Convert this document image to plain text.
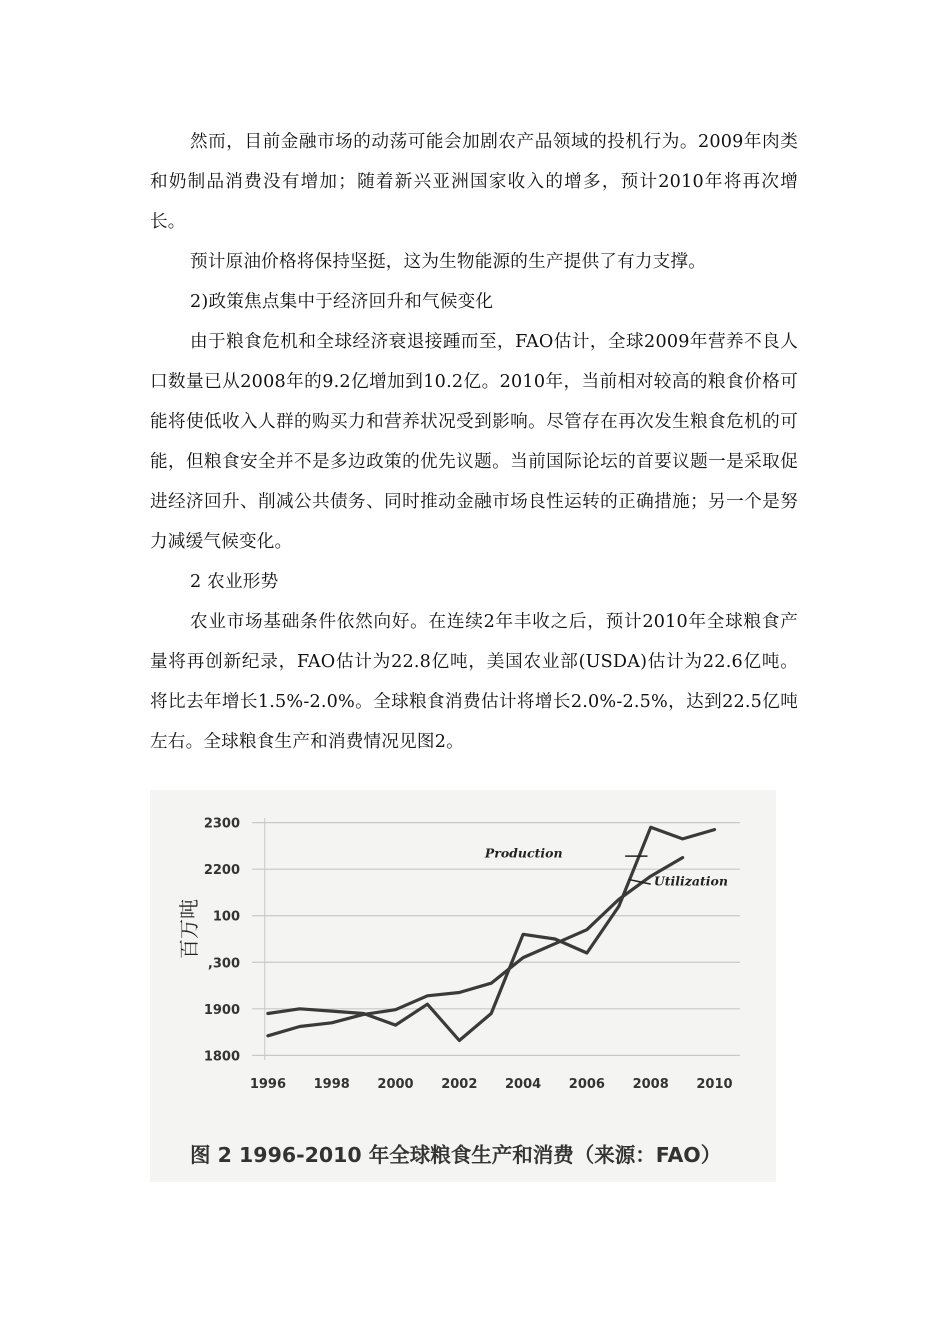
然而，目前金融市场的动荡可能会加剧农产品领域的投机行为。2009年肉类和奶制品消费没有增加；随着新兴亚洲国家收入的增多，预计2010年将再次增长。

预计原油价格将保持坚挺，这为生物能源的生产提供了有力支撑。

2)政策焦点集中于经济回升和气候变化

由于粮食危机和全球经济衰退接踵而至，FAO估计，全球2009年营养不良人口数量已从2008年的9.2亿增加到10.2亿。2010年，当前相对较高的粮食价格可能将使低收入人群的购买力和营养状况受到影响。尽管存在再次发生粮食危机的可能，但粮食安全并不是多边政策的优先议题。当前国际论坛的首要议题一是采取促进经济回升、削减公共债务、同时推动金融市场良性运转的正确措施；另一个是努力减缓气候变化。

2 农业形势

农业市场基础条件依然向好。在连续2年丰收之后，预计2010年全球粮食产量将再创新纪录，FAO估计为22.8亿吨，美国农业部(USDA)估计为22.6亿吨。将比去年增长1.5%-2.0%。全球粮食消费估计将增长2.0%-2.5%，达到22.5亿吨左右。全球粮食生产和消费情况见图2。

2300
2200
100
,300
1900
1800
1996 1998 2000 2002 2004 2006 2008 2010
百万吨
Production
Utilization
图 2 1996-2010 年全球粮食生产和消费（来源：FAO）
